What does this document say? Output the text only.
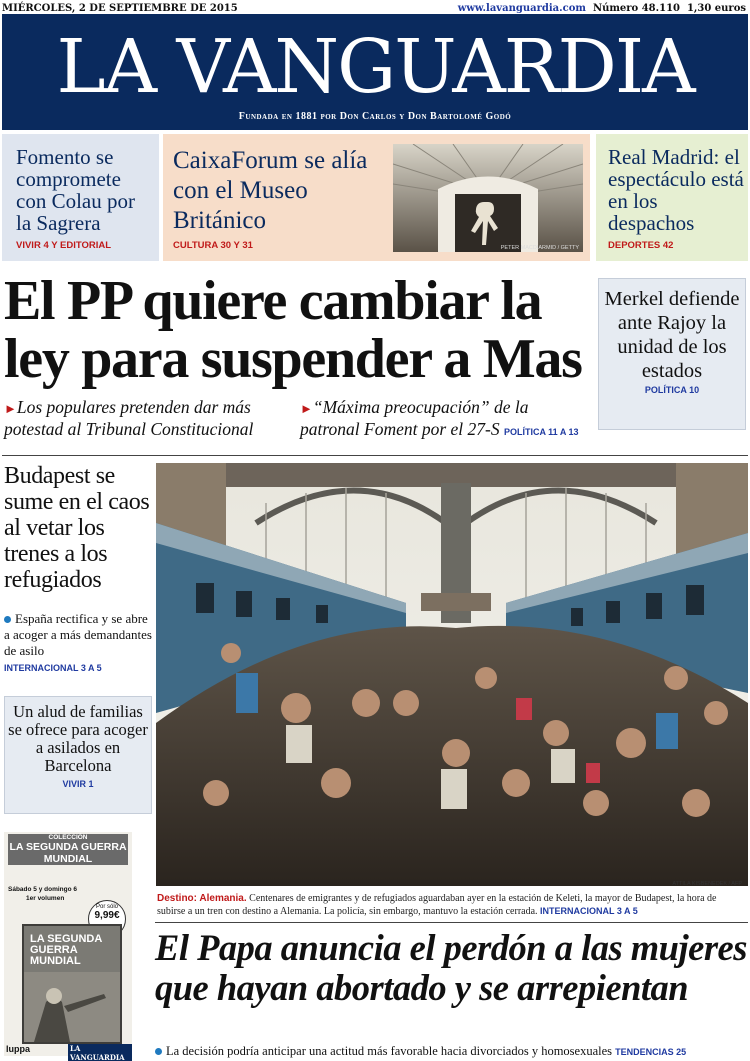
MIÉRCOLES, 2 DE SEPTIEMBRE DE 2015	www.lavanguardia.com Número 48.110 1,30 euros
LA VANGUARDIA
Fundada en 1881 por Don Carlos y Don Bartolomé Godó
Fomento se compromete con Colau por la Sagrera
VIVIR 4 Y EDITORIAL
CaixaForum se alía con el Museo Británico
CULTURA 30 Y 31	PETER MACDIARMID / GETTY
Real Madrid: el espectáculo está en los despachos
DEPORTES 42
El PP quiere cambiar la ley para suspender a Mas
►Los populares pretenden dar más potestad al Tribunal Constitucional
►“Máxima preocupación” de la patronal Foment por el 27-S POLÍTICA 11 A 13
Merkel defiende ante Rajoy la unidad de los estados
POLÍTICA 10
Budapest se sume en el caos al vetar los trenes a los refugiados
España rectifica y se abre a acoger a más demandantes de asilo
INTERNACIONAL 3 A 5
Un alud de familias se ofrece para acoger a asilados en Barcelona
VIVIR 1
COLECCIÓN
LA SEGUNDA GUERRA MUNDIAL
Sábado 5 y domingo 6
1er volumen
Por sólo
9,99€
LA SEGUNDA GUERRA MUNDIAL
luppa	LA VANGUARDIA
ATTILA KISBENEDEK / AFP
Destino: Alemania. Centenares de emigrantes y de refugiados aguardaban ayer en la estación de Keleti, la mayor de Budapest, la hora de subirse a un tren con destino a Alemania. La policía, sin embargo, mantuvo la estación cerrada. INTERNACIONAL 3 A 5
El Papa anuncia el perdón a las mujeres que hayan abortado y se arrepientan
La decisión podría anticipar una actitud más favorable hacia divorciados y homosexuales TENDENCIAS 25
